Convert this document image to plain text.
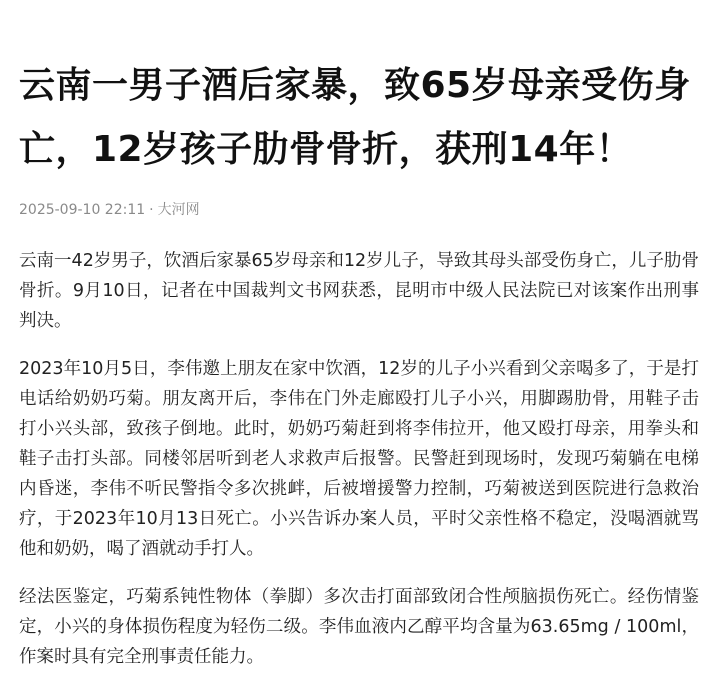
云南一男子酒后家暴，致65岁母亲受伤身亡，12岁孩子肋骨骨折，获刑14年！
2025-09-10 22:11 · 大河网

云南一42岁男子，饮酒后家暴65岁母亲和12岁儿子，导致其母头部受伤身亡，儿子肋骨骨折。9月10日，记者在中国裁判文书网获悉，昆明市中级人民法院已对该案作出刑事判决。

2023年10月5日，李伟邀上朋友在家中饮酒，12岁的儿子小兴看到父亲喝多了，于是打电话给奶奶巧菊。朋友离开后，李伟在门外走廊殴打儿子小兴，用脚踢肋骨，用鞋子击打小兴头部，致孩子倒地。此时，奶奶巧菊赶到将李伟拉开，他又殴打母亲，用拳头和鞋子击打头部。同楼邻居听到老人求救声后报警。民警赶到现场时，发现巧菊躺在电梯内昏迷，李伟不听民警指令多次挑衅，后被增援警力控制，巧菊被送到医院进行急救治疗，于2023年10月13日死亡。小兴告诉办案人员，平时父亲性格不稳定，没喝酒就骂他和奶奶，喝了酒就动手打人。

经法医鉴定，巧菊系钝性物体（拳脚）多次击打面部致闭合性颅脑损伤死亡。经伤情鉴定，小兴的身体损伤程度为轻伤二级。李伟血液内乙醇平均含量为63.65mg / 100ml，作案时具有完全刑事责任能力。
